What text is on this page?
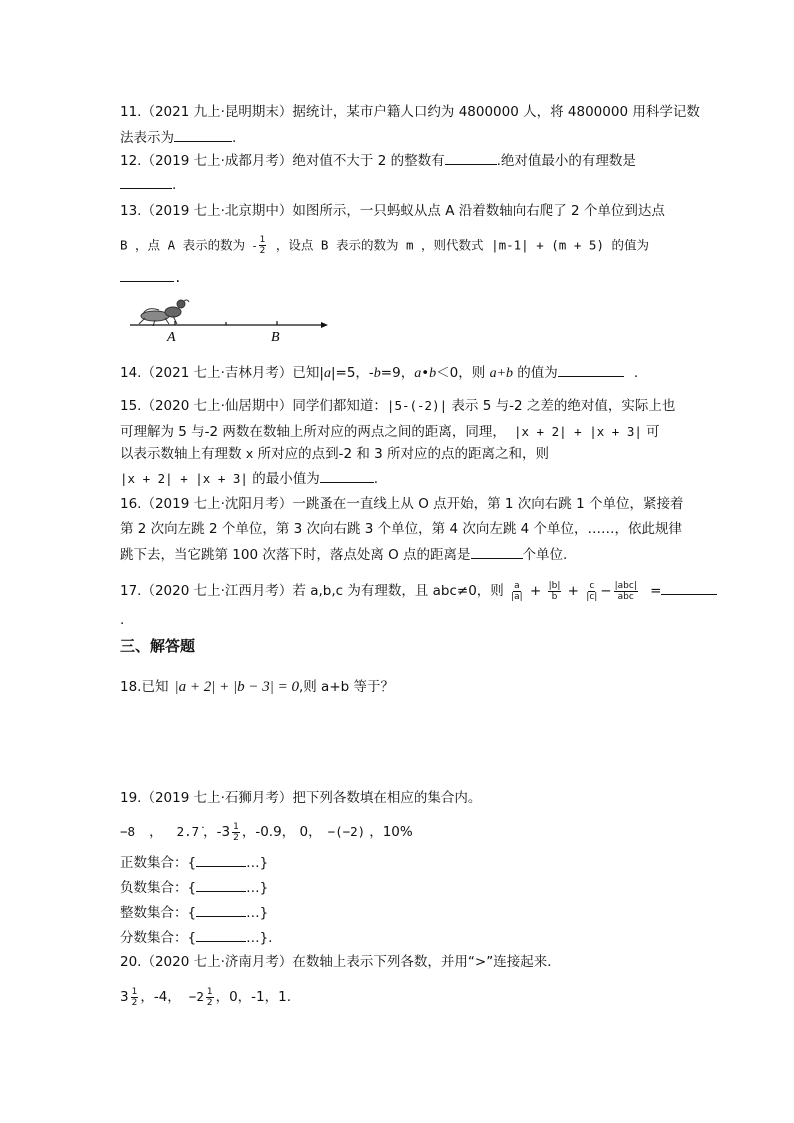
11.（2021 九上·昆明期末）据统计，某市户籍人口约为 4800000 人，将 4800000 用科学记数
法表示为	.
12.（2019 七上·成都月考）绝对值不大于 2 的整数有	.绝对值最小的有理数是
.
13.（2019 七上·北京期中）如图所示，一只蚂蚁从点 A 沿着数轴向右爬了 2 个单位到达点
B ，点 A 表示的数为 - $\frac{1}{2}$ ，设点 B 表示的数为 m ，则代数式 |m-1| + (m + 5) 的值为
.
A	B
14.（2021 七上·吉林月考）已知|a|=5，-b=9，a•b＜0，则 a+b 的值为	.
15.（2020 七上·仙居期中）同学们都知道：|5-(-2)| 表示 5 与-2 之差的绝对值，实际上也
可理解为 5 与-2 两数在数轴上所对应的两点之间的距离，同理， |x + 2| + |x + 3| 可
以表示数轴上有理数 x 所对应的点到-2 和 3 所对应的点的距离之和，则
|x + 2| + |x + 3| 的最小值为	.
16.（2019 七上·沈阳月考）一跳蚤在一直线上从 O 点开始，第 1 次向右跳 1 个单位，紧接着
第 2 次向左跳 2 个单位，第 3 次向右跳 3 个单位，第 4 次向左跳 4 个单位，……，依此规律
跳下去，当它跳第 100 次落下时，落点处离 O 点的距离是	个单位.
17.（2020 七上·江西月考）若 a,b,c 为有理数，且 abc≠0，则 $\frac{a}{|a|} + \frac{|b|}{b} + \frac{c}{|c|} - \frac{\text{|abc|}}{\text{abc}}$ =
.
三、解答题
18.已知 |a + 2| + |b − 3| = 0,则 a+b 等于？
19.（2019 七上·石狮月考）把下列各数填在相应的集合内。
−8 ， 2.7̇ ，$-3 \frac{1}{2}$ ，-0.9， 0， −(−2) ，10%
正数集合：{	…}
负数集合：{	…}
整数集合：{	…}
分数集合：{	…}.
20.（2020 七上·济南月考）在数轴上表示下列各数，并用“>”连接起来．
$3 \frac{1}{2}$ ，-4， $-2 \frac{1}{2}$ ，0，-1，1.
